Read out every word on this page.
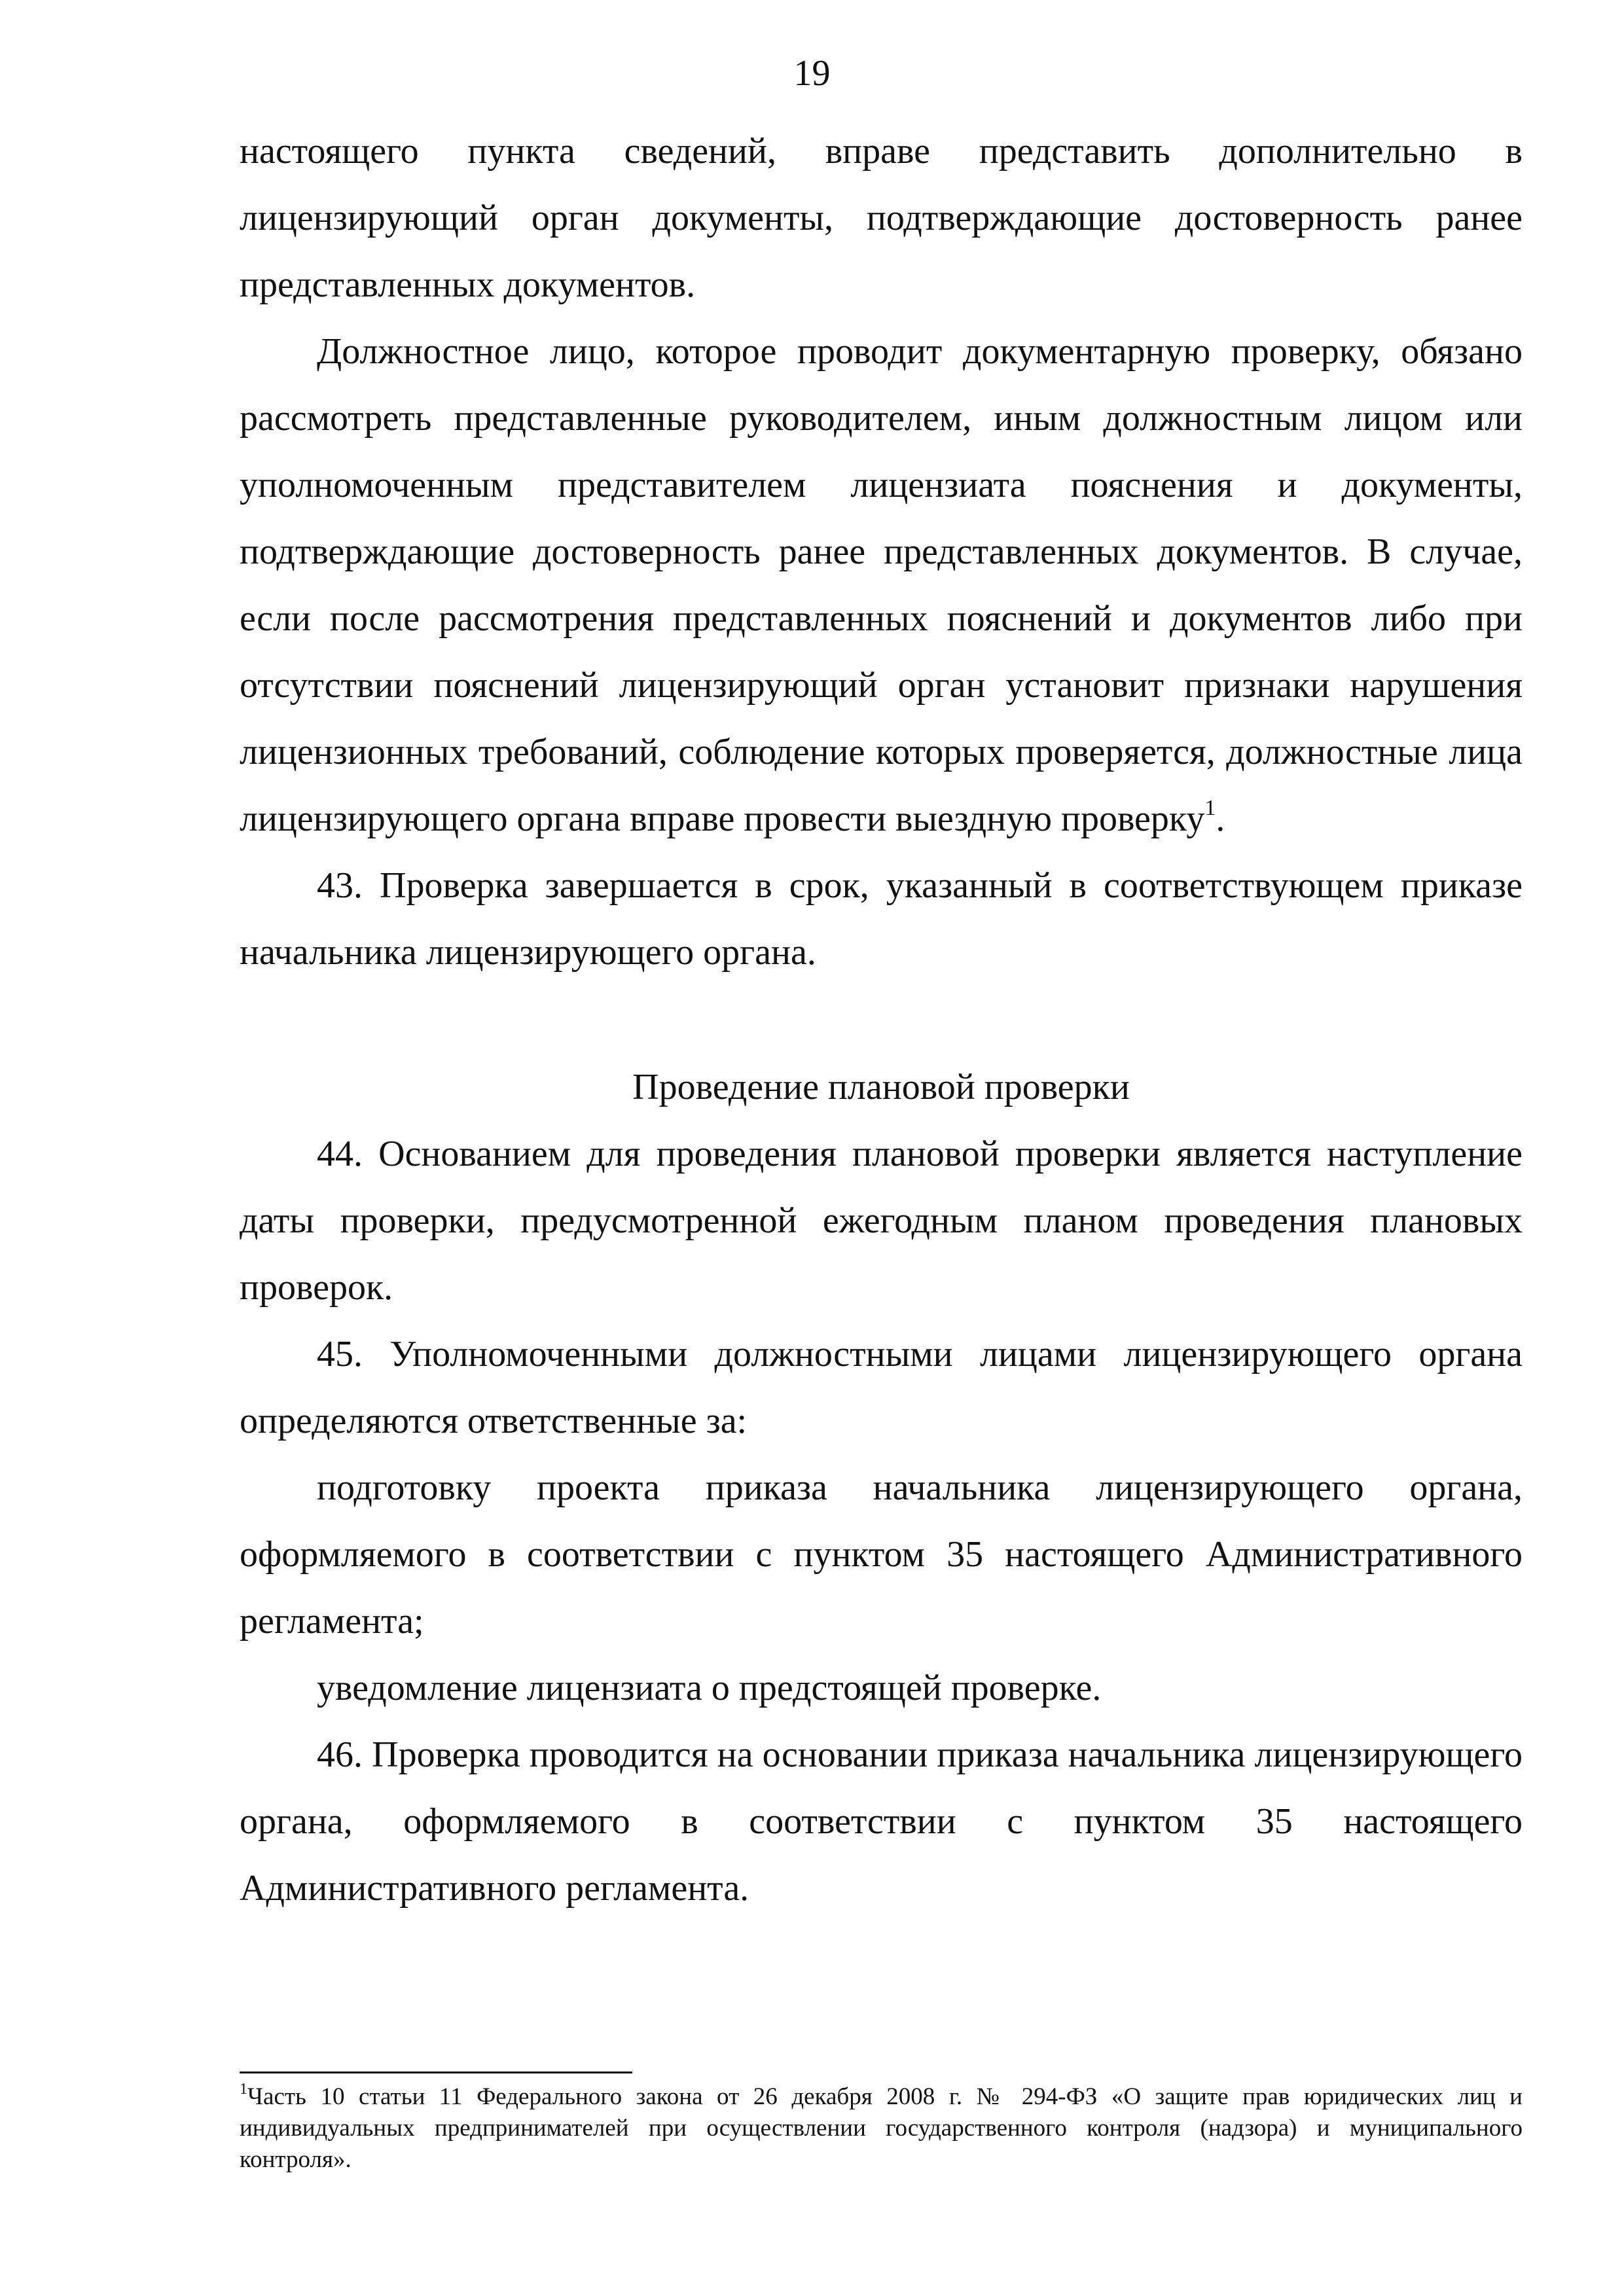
19

настоящего пункта сведений, вправе представить дополнительно в лицензирующий орган документы, подтверждающие достоверность ранее представленных документов.

Должностное лицо, которое проводит документарную проверку, обязано рассмотреть представленные руководителем, иным должностным лицом или уполномоченным представителем лицензиата пояснения и документы, подтверждающие достоверность ранее представленных документов. В случае, если после рассмотрения представленных пояснений и документов либо при отсутствии пояснений лицензирующий орган установит признаки нарушения лицензионных требований, соблюдение которых проверяется, должностные лица лицензирующего органа вправе провести выездную проверку$^1$.

43. Проверка завершается в срок, указанный в соответствующем приказе начальника лицензирующего органа.

Проведение плановой проверки

44. Основанием для проведения плановой проверки является наступление даты проверки, предусмотренной ежегодным планом проведения плановых проверок.

45. Уполномоченными должностными лицами лицензирующего органа определяются ответственные за:

подготовку проекта приказа начальника лицензирующего органа, оформляемого в соответствии с пунктом 35 настоящего Административного регламента;

уведомление лицензиата о предстоящей проверке.

46. Проверка проводится на основании приказа начальника лицензирующего органа, оформляемого в соответствии с пунктом 35 настоящего Административного регламента.

$^1$Часть 10 статьи 11 Федерального закона от 26 декабря 2008 г. № 294-ФЗ «О защите прав юридических лиц и индивидуальных предпринимателей при осуществлении государственного контроля (надзора) и муниципального контроля».
